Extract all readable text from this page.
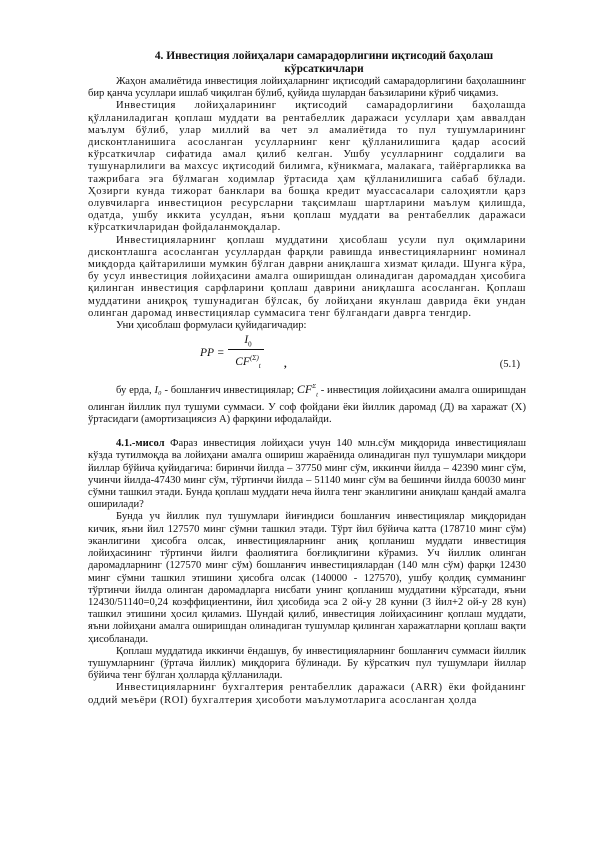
4. Инвестиция лойиҳалари самарадорлигини иқтисодий баҳолаш
кўрсаткичлари

Жаҳон амалиётида инвестиция лойиҳаларнинг иқтисодий самарадорлигини баҳолашнинг бир қанча усуллари ишлаб чиқилган бўлиб, қуйида шулардан баъзиларини кўриб чиқамиз.

Инвестиция лойиҳаларининг иқтисодий самарадорлигини баҳолашда қўлланиладиган қоплаш муддати ва рентабеллик даражаси усуллари ҳам аввалдан маълум бўлиб, улар миллий ва чет эл амалиётида то пул тушумларининг дисконтланишига асосланган усулларнинг кенг қўлланилишига қадар асосий кўрсаткичлар сифатида амал қилиб келган. Ушбу усулларнинг соддалиги ва тушунарлилиги ва махсус иқтисодий билимга, кўникмага, малакага, тайёргарликка ва тажрибага эга бўлмаган ходимлар ўртасида ҳам қўлланилишига сабаб бўлади. Ҳозирги кунда тижорат банклари ва бошқа кредит муассасалари салоҳиятли қарз олувчиларга инвестицион ресурсларни тақсимлаш шартларини маълум қилишда, одатда, ушбу иккита усулдан, яъни қоплаш муддати ва рентабеллик даражаси кўрсаткичларидан фойдаланмоқдалар.

Инвестицияларнинг қоплаш муддатини ҳисоблаш усули пул оқимларини дисконтлашга асосланган усуллардан фарқли равишда инвестицияларнинг номинал миқдорда қайтарилиши мумкин бўлган даврни аниқлашга хизмат қилади. Шунга кўра, бу усул инвестиция лойиҳасини амалга оширишдан олинадиган даромаддан ҳисобига қилинган инвестиция сарфларини қоплаш даврини аниқлашга асосланган. Қоплаш муддатини аниқроқ тушунадиган бўлсак, бу лойиҳани якунлаш даврида ёки ундан олинган даромад инвестициялар суммасига тенг бўлгандаги даврга тенгдир.

Уни ҳисоблаш формуласи қуйидагичадир:

PP =
$I_0$
$CF^{(\Sigma)}_t$	,	(5.1)

бу ерда, I₀ - бошланғич инвестициялар; $CF^\Sigma_t$ - инвестиция лойиҳасини амалга оширишдан олинган йиллик пул тушуми суммаси. У соф фойдани ёки йиллик даромад (Д) ва харажат (Х) ўртасидаги (амортизациясиз А) фарқини ифодалайди.

4.1.-мисол Фараз инвестиция лойиҳаси учун 140 млн.сўм миқдорида инвестициялаш кўзда тутилмоқда ва лойиҳани амалга ошириш жараёнида олинадиган пул тушумлари миқдори йиллар бўйича қуйидагича: биринчи йилда – 37750 минг сўм, иккинчи йилда – 42390 минг сўм, учинчи йилда-47430 минг сўм, тўртинчи йилда – 51140 минг сўм ва бешинчи йилда 60030 минг сўмни ташкил этади. Бунда қоплаш муддати неча йилга тенг эканлигини аниқлаш қандай амалга оширилади?

Бунда уч йиллик пул тушумлари йиғиндиси бошланғич инвестициялар миқдоридан кичик, яъни йил 127570 минг сўмни ташкил этади. Тўрт йил бўйича катта (178710 минг сўм) эканлигини ҳисобга олсак, инвестицияларнинг аниқ қопланиш муддати инвестиция лойиҳасининг тўртинчи йилги фаолиятига боғлиқлигини кўрамиз. Уч йиллик олинган даромадларнинг (127570 минг сўм) бошланғич инвестициялардан (140 млн сўм) фарқи 12430 минг сўмни ташкил этишини ҳисобга олсак (140000 - 127570), ушбу қолдиқ сумманинг тўртинчи йилда олинган даромадларга нисбати унинг қопланиш муддатини кўрсатади, яъни 12430/51140=0,24 коэффициентини, йил ҳисобида эса 2 ой-у 28 кунни (3 йил+2 ой-у 28 кун) ташкил этишини ҳосил қиламиз. Шундай қилиб, инвестиция лойиҳасининг қоплаш муддати, яъни лойиҳани амалга оширишдан олинадиган тушумлар қилинган харажатларни қоплаш вақти ҳисобланади.

Қоплаш муддатида иккинчи ёндашув, бу инвестицияларнинг бошланғич суммаси йиллик тушумларнинг (ўртача йиллик) миқдорига бўлинади. Бу кўрсаткич пул тушумлари йиллар бўйича тенг бўлган ҳолларда қўлланилади.

Инвестицияларнинг бухгалтерия рентабеллик даражаси (ARR) ёки фойданинг оддий меъёри (ROI) бухгалтерия ҳисоботи маълумотларига асосланган ҳолда
